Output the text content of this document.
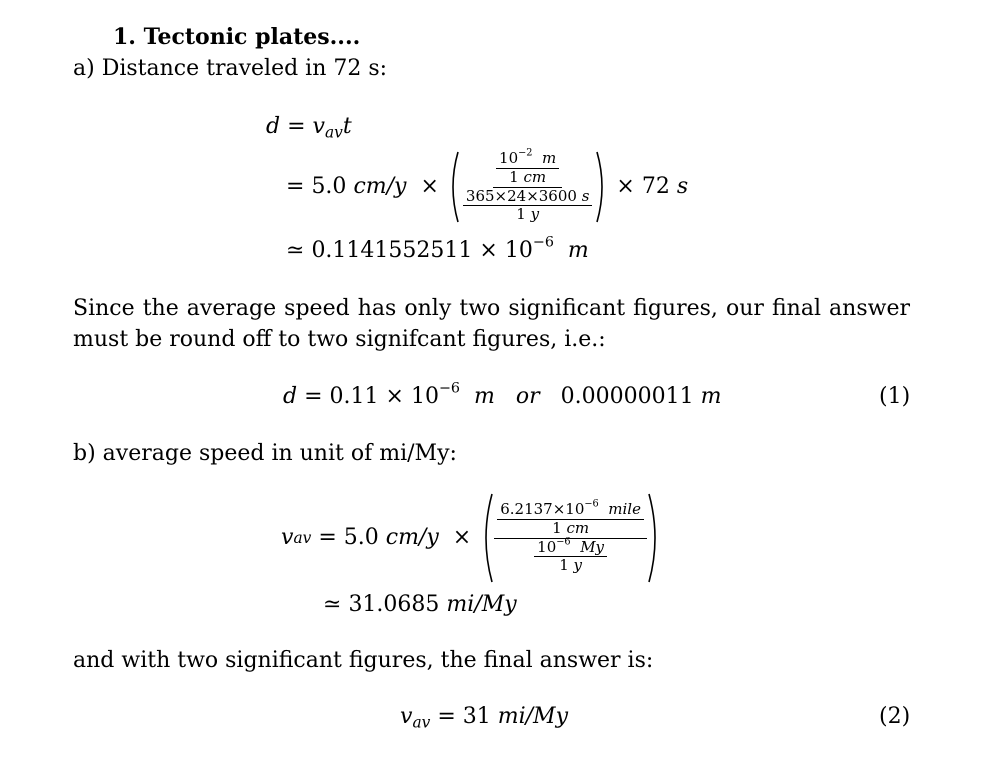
1. Tectonic plates....
a) Distance traveled in 72 s:
$d = v_{av}t$
=
5.0
cm/y
×
$\frac{\frac{10^{-2} m}{1 cm}}{\frac{365\times 24\times 3600 s}{1 y}}$
×
72
s
≃ $0.1141552511 \times 10^{-6}$ m
Since the average speed has only two significant figures, our final answer
must be round off to two signifcant figures, i.e.:
$d = 0.11 \times 10^{-6}$ m or 0.00000011 m	(1)
b) average speed in unit of mi/My:
v av
=
5.0
cm/y
×
$\frac{\frac{6.2137\times 10^{-6} mile}{1 cm}}{\frac{10^{-6} My}{1 y}}$
≃ 31.0685 mi/My
and with two significant figures, the final answer is:
$v_{av} = 31$ mi/My	(2)
